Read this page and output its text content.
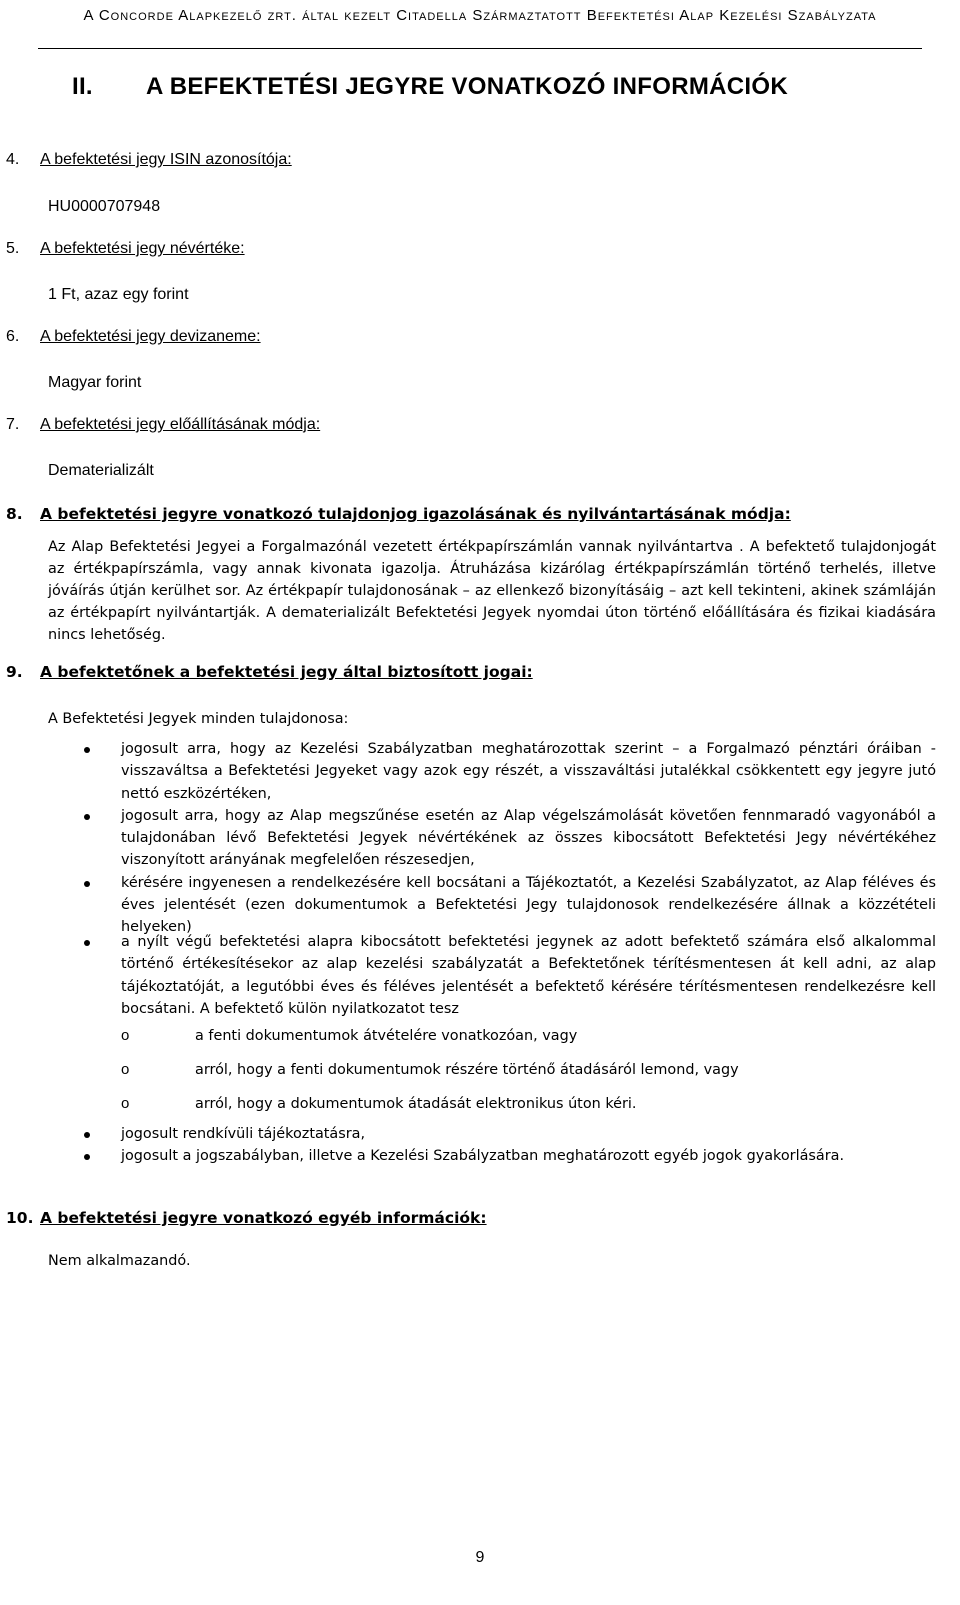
A Concorde Alapkezelő zrt. által kezelt Citadella Származtatott Befektetési Alap Kezelési Szabályzata
II. A BEFEKTETÉSI JEGYRE VONATKOZÓ INFORMÁCIÓK
4. A befektetési jegy ISIN azonosítója:
HU0000707948
5. A befektetési jegy névértéke:
1 Ft, azaz egy forint
6. A befektetési jegy devizaneme:
Magyar forint
7. A befektetési jegy előállításának módja:
Dematerializált
8. A befektetési jegyre vonatkozó tulajdonjog igazolásának és nyilvántartásának módja:

Az Alap Befektetési Jegyei a Forgalmazónál vezetett értékpapírszámlán vannak nyilvántartva . A befektető tulajdonjogát az értékpapírszámla, vagy annak kivonata igazolja. Átruházása kizárólag értékpapírszámlán történő terhelés, illetve jóváírás útján kerülhet sor. Az értékpapír tulajdonosának – az ellenkező bizonyításáig – azt kell tekinteni, akinek számláján az értékpapírt nyilvántartják. A dematerializált Befektetési Jegyek nyomdai úton történő előállítására és fizikai kiadására nincs lehetőség.

9. A befektetőnek a befektetési jegy által biztosított jogai:
A Befektetési Jegyek minden tulajdonosa:
jogosult arra, hogy az Kezelési Szabályzatban meghatározottak szerint – a Forgalmazó pénztári óráiban - visszaváltsa a Befektetési Jegyeket vagy azok egy részét, a visszaváltási jutalékkal csökkentett egy jegyre jutó nettó eszközértéken,
jogosult arra, hogy az Alap megszűnése esetén az Alap végelszámolását követően fennmaradó vagyonából a tulajdonában lévő Befektetési Jegyek névértékének az összes kibocsátott Befektetési Jegy névértékéhez viszonyított arányának megfelelően részesedjen,
kérésére ingyenesen a rendelkezésére kell bocsátani a Tájékoztatót, a Kezelési Szabályzatot, az Alap féléves és éves jelentését (ezen dokumentumok a Befektetési Jegy tulajdonosok rendelkezésére állnak a közzétételi helyeken)
a nyílt végű befektetési alapra kibocsátott befektetési jegynek az adott befektető számára első alkalommal történő értékesítésekor az alap kezelési szabályzatát a Befektetőnek térítésmentesen át kell adni, az alap tájékoztatóját, a legutóbbi éves és féléves jelentését a befektető kérésére térítésmentesen rendelkezésre kell bocsátani. A befektető külön nyilatkozatot tesz
o	a fenti dokumentumok átvételére vonatkozóan, vagy
o	arról, hogy a fenti dokumentumok részére történő átadásáról lemond, vagy
o	arról, hogy a dokumentumok átadását elektronikus úton kéri.
jogosult rendkívüli tájékoztatásra,
jogosult a jogszabályban, illetve a Kezelési Szabályzatban meghatározott egyéb jogok gyakorlására.
10. A befektetési jegyre vonatkozó egyéb információk:
Nem alkalmazandó.
9
